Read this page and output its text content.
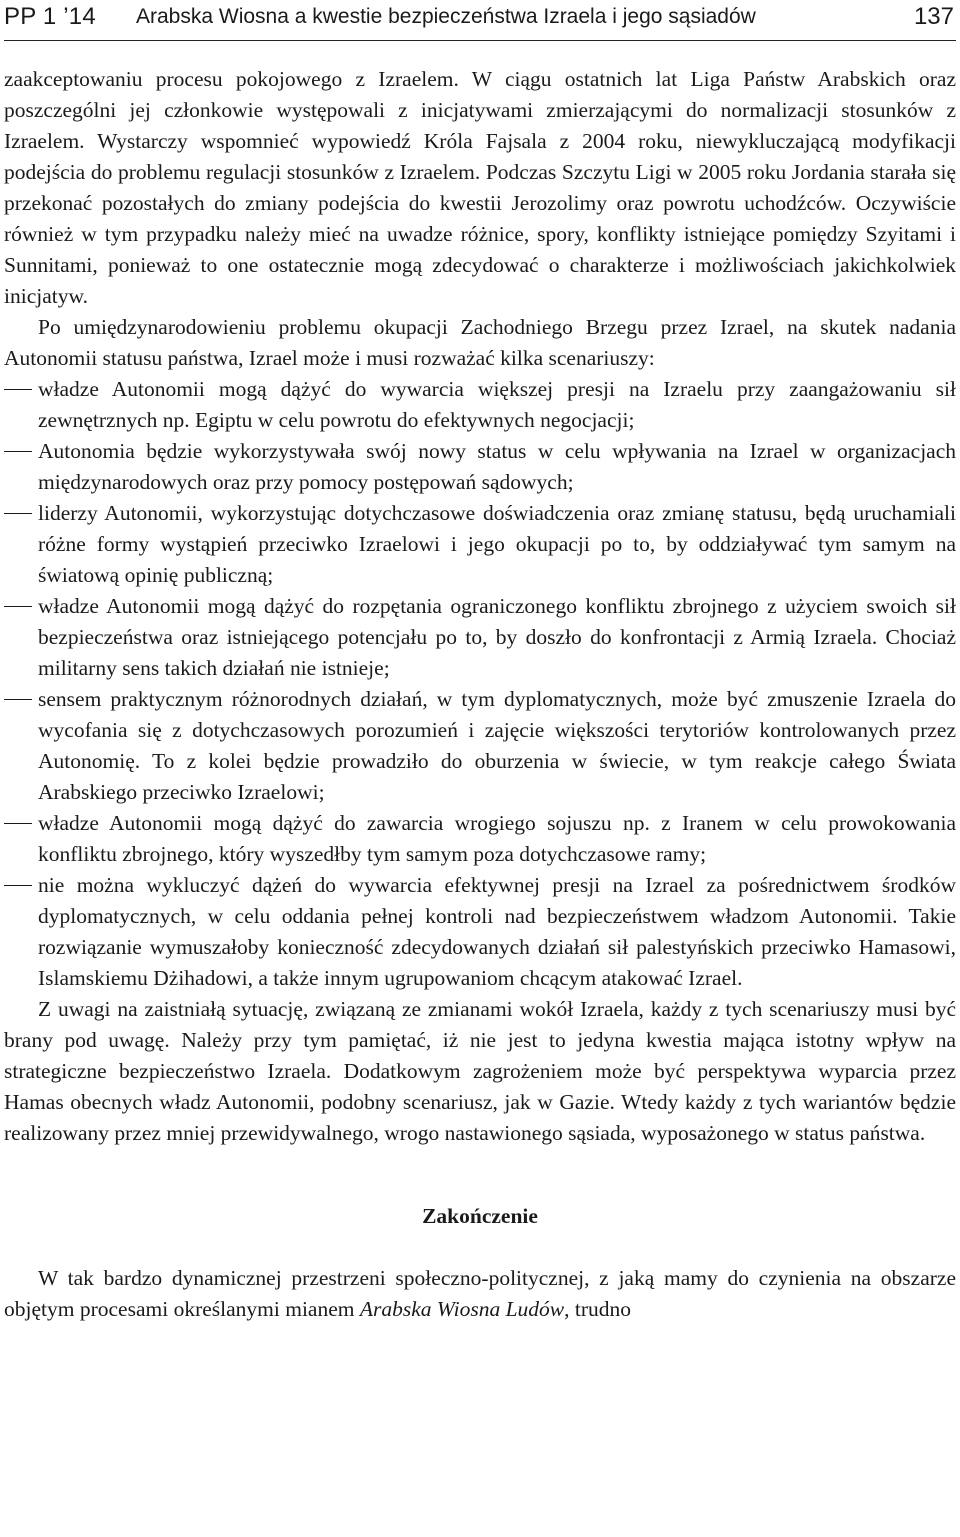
PP 1 ’14 Arabska Wiosna a kwestie bezpieczeństwa Izraela i jego sąsiadów	137

zaakceptowaniu procesu pokojowego z Izraelem. W ciągu ostatnich lat Liga Państw Arabskich oraz poszczególni jej członkowie występowali z inicjatywami zmierzającymi do normalizacji stosunków z Izraelem. Wystarczy wspomnieć wypowiedź Króla Fajsala z 2004 roku, niewykluczającą modyfikacji podejścia do problemu regulacji stosunków z Izraelem. Podczas Szczytu Ligi w 2005 roku Jordania starała się przekonać pozostałych do zmiany podejścia do kwestii Jerozolimy oraz powrotu uchodźców. Oczywiście również w tym przypadku należy mieć na uwadze różnice, spory, konflikty istniejące pomiędzy Szyitami i Sunnitami, ponieważ to one ostatecznie mogą zdecydować o charakterze i możliwościach jakichkolwiek inicjatyw.

Po umiędzynarodowieniu problemu okupacji Zachodniego Brzegu przez Izrael, na skutek nadania Autonomii statusu państwa, Izrael może i musi rozważać kilka scenariuszy:

władze Autonomii mogą dążyć do wywarcia większej presji na Izraelu przy zaangażowaniu sił zewnętrznych np. Egiptu w celu powrotu do efektywnych negocjacji;
Autonomia będzie wykorzystywała swój nowy status w celu wpływania na Izrael w organizacjach międzynarodowych oraz przy pomocy postępowań sądowych;
liderzy Autonomii, wykorzystując dotychczasowe doświadczenia oraz zmianę statusu, będą uruchamiali różne formy wystąpień przeciwko Izraelowi i jego okupacji po to, by oddziaływać tym samym na światową opinię publiczną;
władze Autonomii mogą dążyć do rozpętania ograniczonego konfliktu zbrojnego z użyciem swoich sił bezpieczeństwa oraz istniejącego potencjału po to, by doszło do konfrontacji z Armią Izraela. Chociaż militarny sens takich działań nie istnieje;
sensem praktycznym różnorodnych działań, w tym dyplomatycznych, może być zmuszenie Izraela do wycofania się z dotychczasowych porozumień i zajęcie większości terytoriów kontrolowanych przez Autonomię. To z kolei będzie prowadziło do oburzenia w świecie, w tym reakcje całego Świata Arabskiego przeciwko Izraelowi;
władze Autonomii mogą dążyć do zawarcia wrogiego sojuszu np. z Iranem w celu prowokowania konfliktu zbrojnego, który wyszedłby tym samym poza dotychczasowe ramy;
nie można wykluczyć dążeń do wywarcia efektywnej presji na Izrael za pośrednictwem środków dyplomatycznych, w celu oddania pełnej kontroli nad bezpieczeństwem władzom Autonomii. Takie rozwiązanie wymuszałoby konieczność zdecydowanych działań sił palestyńskich przeciwko Hamasowi, Islamskiemu Dżihadowi, a także innym ugrupowaniom chcącym atakować Izrael.

Z uwagi na zaistniałą sytuację, związaną ze zmianami wokół Izraela, każdy z tych scenariuszy musi być brany pod uwagę. Należy przy tym pamiętać, iż nie jest to jedyna kwestia mająca istotny wpływ na strategiczne bezpieczeństwo Izraela. Dodatkowym zagrożeniem może być perspektywa wyparcia przez Hamas obecnych władz Autonomii, podobny scenariusz, jak w Gazie. Wtedy każdy z tych wariantów będzie realizowany przez mniej przewidywalnego, wrogo nastawionego sąsiada, wyposażonego w status państwa.

Zakończenie

W tak bardzo dynamicznej przestrzeni społeczno-politycznej, z jaką mamy do czynienia na obszarze objętym procesami określanymi mianem Arabska Wiosna Ludów, trudno
